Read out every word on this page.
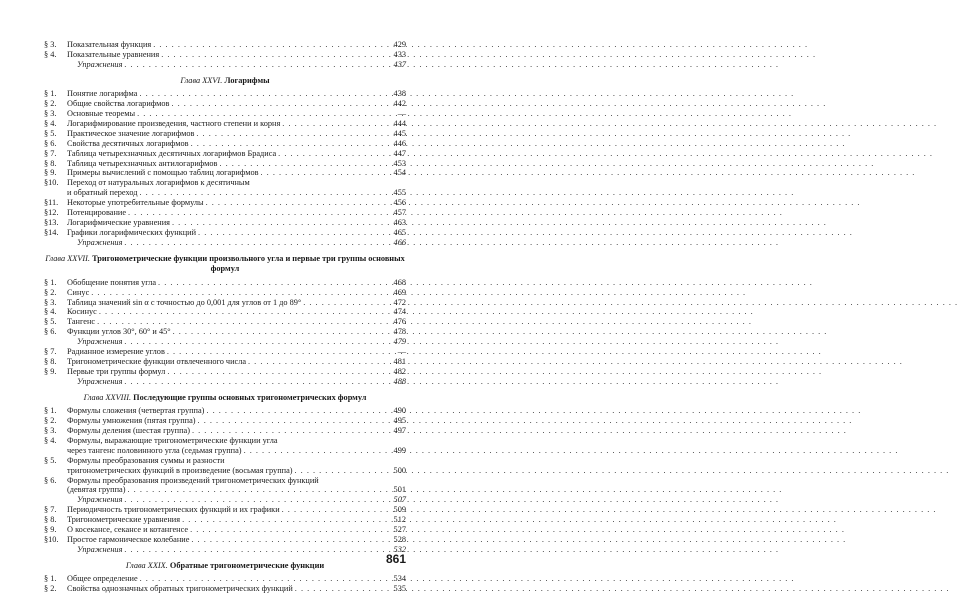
§ 3.	Показательная функция . . .	429
§ 4.	Показательные уравнения . . .	433
Упражнения . . .	437
Глава XXVI. Логарифмы
§ 1.	Понятие логарифма . . .	438
§ 2.	Общие свойства логарифмов . . .	442
§ 3.	Основные теоремы . . .	—
§ 4.	Логарифмирование произведения, частного степени и корня . . .	444
§ 5.	Практическое значение логарифмов . . .	445
§ 6.	Свойства десятичных логарифмов . . .	446
§ 7.	Таблица четырехзначных десятичных логарифмов Брадиса . . .	447
§ 8.	Таблица четырехзначных антилогарифмов . . .	453
§ 9.	Примеры вычислений с помощью таблиц логарифмов . . .	454
§10.	Переход от натуральных логарифмов к десятичным
и обратный переход . . .	455
§11.	Некоторые употребительные формулы . . .	456
§12.	Потенцирование . . .	457
§13.	Логарифмические уравнения . . .	463
§14.	Графики логарифмических функций . . .	465
Упражнения . . .	466
Глава XXVII. Тригонометрические функции произвольного угла и первые три группы основных формул
§ 1.	Обобщение понятия угла . . .	468
§ 2.	Синус . . .	469
§ 3.	Таблица значений sin α с точностью до 0,001 для углов от 1 до 89° . . .	472
§ 4.	Косинус . . .	474
§ 5.	Тангенс . . .	476
§ 6.	Функции углов 30°, 60° и 45° . . .	478
Упражнения . . .	479
§ 7.	Радианное измерение углов . . .	—
§ 8.	Тригонометрические функции отвлеченного числа . . .	481
§ 9.	Первые три группы формул . . .	482
Упражнения . . .	488
Глава XXVIII. Последующие группы основных тригонометрических формул
§ 1.	Формулы сложения (четвертая группа) . . .	490
§ 2.	Формулы умножения (пятая группа) . . .	495
§ 3.	Формулы деления (шестая группа) . . .	497
§ 4.	Формулы, выражающие тригонометрические функции угла
через тангенс половинного угла (седьмая группа) . . .	499
§ 5.	Формулы преобразования суммы и разности
тригонометрических функций в произведение (восьмая группа) . . .	500
§ 6.	Формулы преобразования произведений тригонометрических функций
(девятая группа) . . .	501
Упражнения . . .	507
§ 7.	Периодичность тригонометрических функций и их графики . . .	509
§ 8.	Тригонометрические уравнения . . .	512
§ 9.	О косекансе, секансе и котангенсе . . .	527
§10.	Простое гармоническое колебание . . .	528
Упражнения . . .	532
Глава XXIX. Обратные тригонометрические функции
§ 1.	Общее определение . . .	534
§ 2.	Свойства однозначных обратных тригонометрических функций . . .	535
861
